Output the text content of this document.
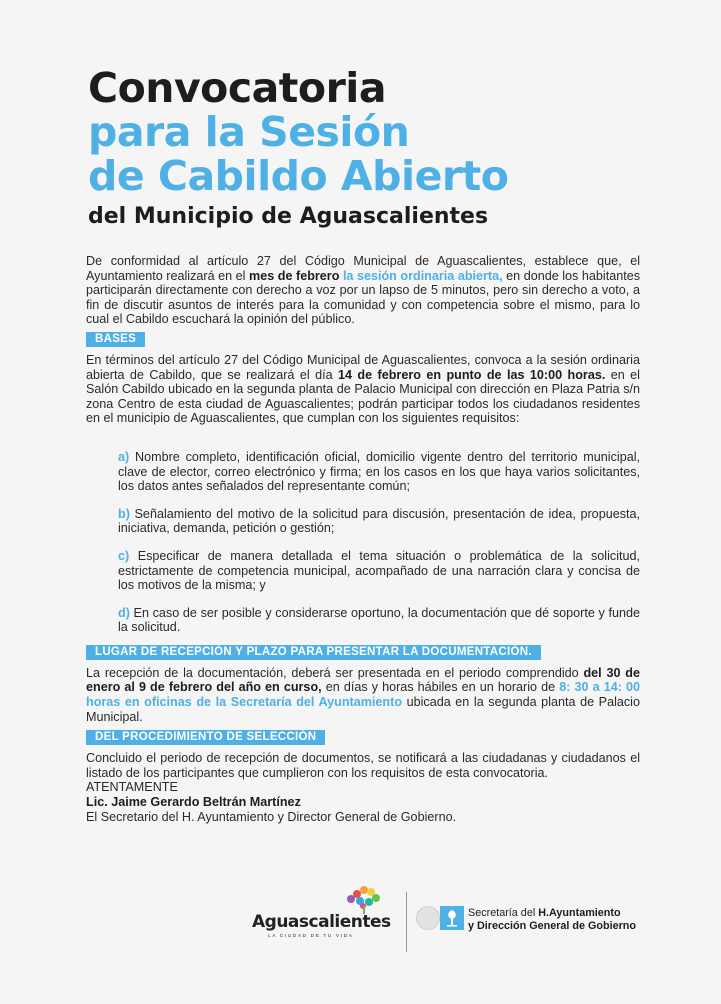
Convocatoria
para la Sesión
de Cabildo Abierto
del Municipio de Aguascalientes

De conformidad al artículo 27 del Código Municipal de Aguascalientes, establece que, el Ayuntamiento realizará en el mes de febrero la sesión ordinaria abierta, en donde los habitantes participarán directamente con derecho a voz por un lapso de 5 minutos, pero sin derecho a voto, a fin de discutir asuntos de interés para la comunidad y con competencia sobre el mismo, para lo cual el Cabildo escuchará la opinión del público.

BASES

En términos del artículo 27 del Código Municipal de Aguascalientes, convoca a la sesión ordinaria abierta de Cabildo, que se realizará el día 14 de febrero en punto de las 10:00 horas. en el Salón Cabildo ubicado en la segunda planta de Palacio Municipal con dirección en Plaza Patria s/n zona Centro de esta ciudad de Aguascalientes; podrán participar todos los ciudadanos residentes en el municipio de Aguascalientes, que cumplan con los siguientes requisitos:

a) Nombre completo, identificación oficial, domicilio vigente dentro del territorio municipal, clave de elector, correo electrónico y firma; en los casos en los que haya varios solicitantes, los datos antes señalados del representante común;
b) Señalamiento del motivo de la solicitud para discusión, presentación de idea, propuesta, iniciativa, demanda, petición o gestión;
c) Especificar de manera detallada el tema situación o problemática de la solicitud, estrictamente de competencia municipal, acompañado de una narración clara y concisa de los motivos de la misma; y
d) En caso de ser posible y considerarse oportuno, la documentación que dé soporte y funde la solicitud.
LUGAR DE RECEPCIÓN Y PLAZO PARA PRESENTAR LA DOCUMENTACIÓN.

La recepción de la documentación, deberá ser presentada en el periodo comprendido del 30 de enero al 9 de febrero del año en curso, en días y horas hábiles en un horario de 8: 30 a 14: 00 horas en oficinas de la Secretaría del Ayuntamiento ubicada en la segunda planta de Palacio Municipal.

DEL PROCEDIMIENTO DE SELECCIÓN

Concluido el periodo de recepción de documentos, se notificará a las ciudadanas y ciudadanos el listado de los participantes que cumplieron con los requisitos de esta convocatoria.

ATENTAMENTE

Lic. Jaime Gerardo Beltrán Martínez
El Secretario del H. Ayuntamiento y Director General de Gobierno.

Aguascalientes
LA CIUDAD DE TU VIDA
Secretaría del H.Ayuntamiento
y Dirección General de Gobierno
